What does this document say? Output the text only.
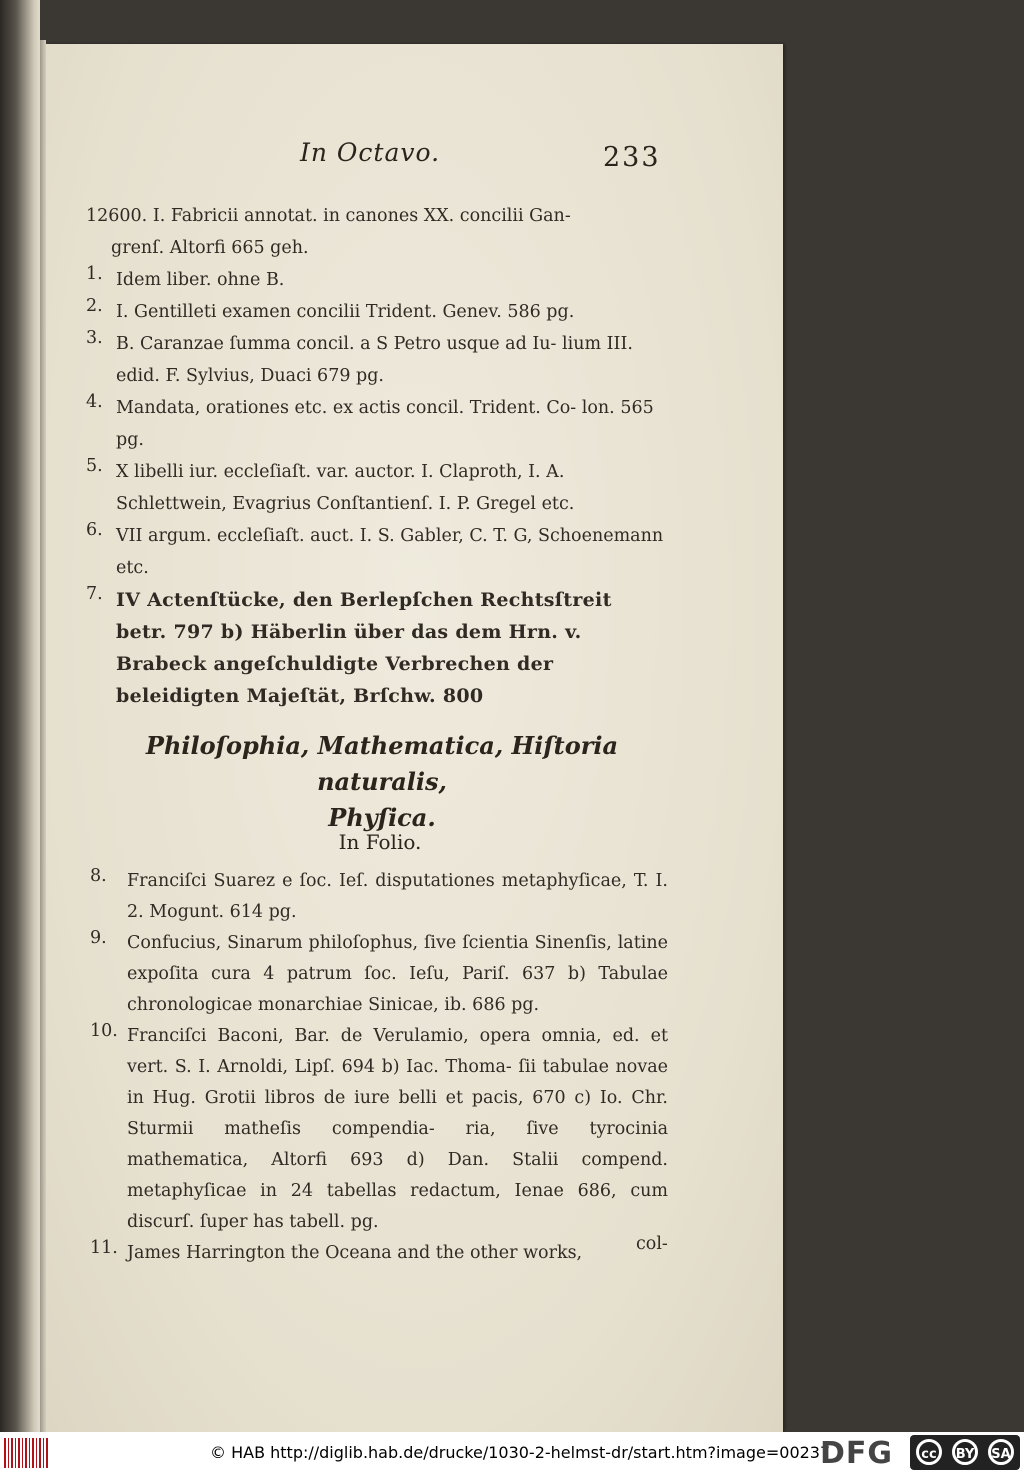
In Octavo.	233
12600. I. Fabricii annotat. in canones XX. concilii Gan-
grenſ. Altorfi 665 geh.
1. Idem liber. ohne B.
2. I. Gentilleti examen concilii Trident. Genev. 586 pg.
3. B. Caranzae ſumma concil. a S Petro usque ad Iu- lium III. edid. F. Sylvius, Duaci 679 pg.
4. Mandata, orationes etc. ex actis concil. Trident. Co- lon. 565 pg.
5. X libelli iur. eccleſiaſt. var. auctor. I. Claproth, I. A. Schlettwein, Evagrius Conſtantienſ. I. P. Gregel etc.
6. VII argum. eccleſiaſt. auct. I. S. Gabler, C. T. G, Schoenemann etc.
7. IV Actenſtücke, den Berlepſchen Rechtsſtreit betr. 797 b) Häberlin über das dem Hrn. v. Brabeck angeſchuldigte Verbrechen der beleidigten Majeſtät, Brſchw. 800
Philoſophia, Mathematica, Hiſtoria naturalis,
Phyſica.
In Folio.
8.	Franciſci Suarez e ſoc. Ieſ. disputationes metaphyſicae, T. I. 2. Mogunt. 614 pg.
9.	Confucius, Sinarum philoſophus, ſive ſcientia Sinenſis, latine expoſita cura 4 patrum ſoc. Ieſu, Pariſ. 637 b) Tabulae chronologicae monarchiae Sinicae, ib. 686 pg.
10. Franciſci Baconi, Bar. de Verulamio, opera omnia, ed. et vert. S. I. Arnoldi, Lipſ. 694 b) Iac. Thoma- ſii tabulae novae in Hug. Grotii libros de iure belli et pacis, 670 c) Io. Chr. Sturmii matheſis compendia- ria, ſive tyrocinia mathematica, Altorfi 693 d) Dan. Stalii compend. metaphyſicae in 24 tabellas redactum, Ienae 686, cum discurſ. ſuper has tabell. pg.
11. James Harrington the Oceana and the other works,	col-
© HAB http://diglib.hab.de/drucke/1030-2-helmst-dr/start.htm?image=00237
DFG	cc	BY SA
